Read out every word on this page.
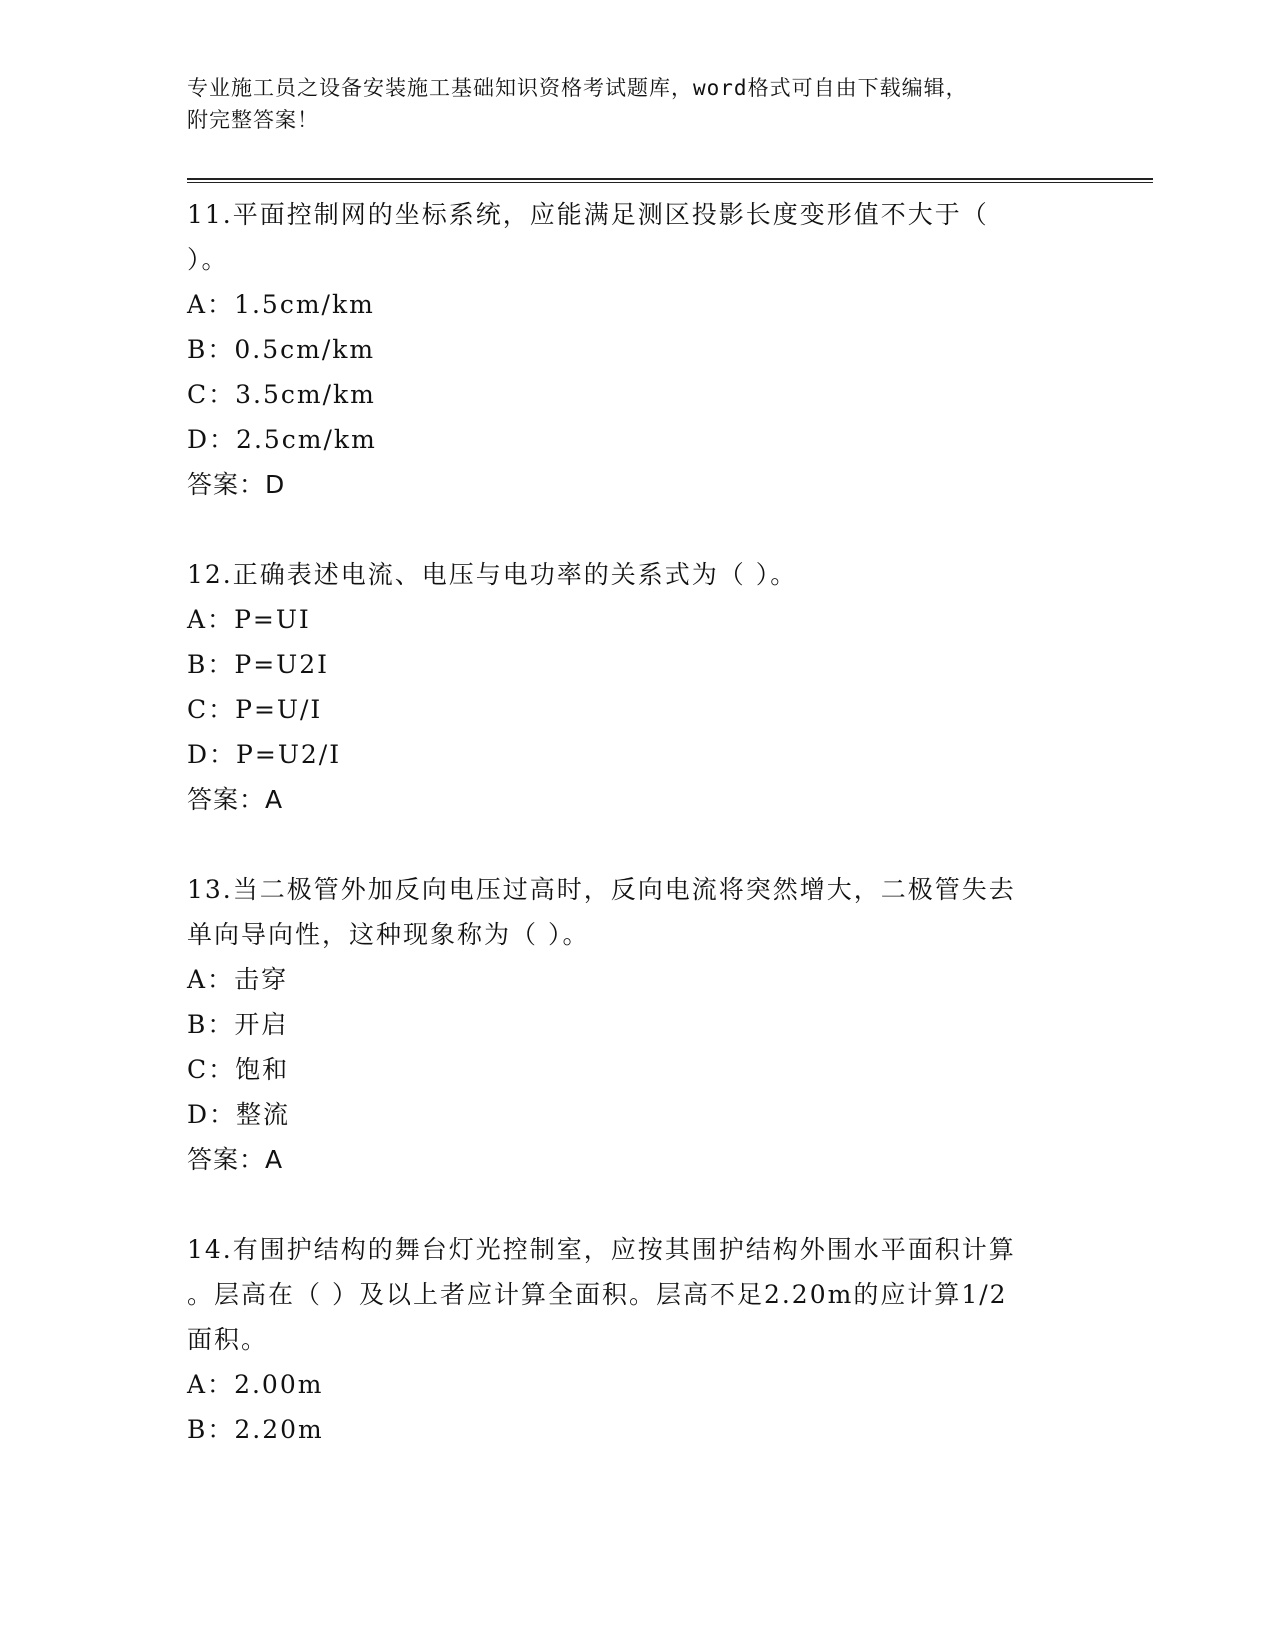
专业施工员之设备安装施工基础知识资格考试题库，word格式可自由下载编辑，
附完整答案！

11.平面控制网的坐标系统，应能满足测区投影长度变形值不大于（
）。

A：1.5cm/km
B：0.5cm/km
C：3.5cm/km
D：2.5cm/km
答案：D

12.正确表述电流、电压与电功率的关系式为（ ）。

A：P=UI
B：P=U2I
C：P=U/I
D：P=U2/I
答案：A

13.当二极管外加反向电压过高时，反向电流将突然增大，二极管失去
单向导向性，这种现象称为（ ）。

A：击穿
B：开启
C：饱和
D：整流
答案：A

14.有围护结构的舞台灯光控制室，应按其围护结构外围水平面积计算
。层高在（ ）及以上者应计算全面积。层高不足2.20m的应计算1/2
面积。

A：2.00m
B：2.20m
